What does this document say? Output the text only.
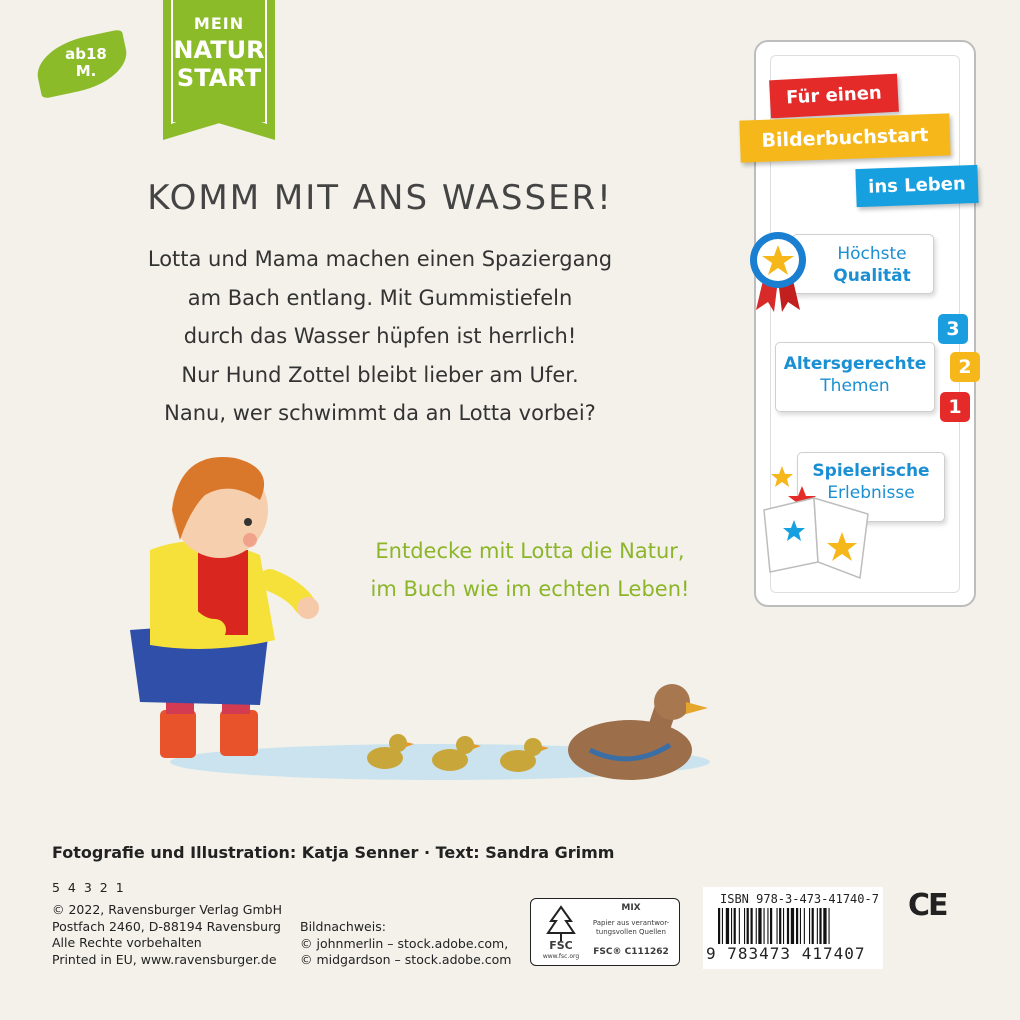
ab18
M.
MEIN
NATUR
START
KOMM MIT ANS WASSER!
Lotta und Mama machen einen Spaziergang
am Bach entlang. Mit Gummistiefeln
durch das Wasser hüpfen ist herrlich!
Nur Hund Zottel bleibt lieber am Ufer.
Nanu, wer schwimmt da an Lotta vorbei?
Entdecke mit Lotta die Natur,
im Buch wie im echten Leben!
Für einen
Bilderbuchstart
ins Leben
Höchste
Qualität
Altersgerechte
Themen
3
2
1
Spielerische
Erlebnisse
Fotografie und Illustration: Katja Senner · Text: Sandra Grimm
5 4 3 2 1
© 2022, Ravensburger Verlag GmbH
Postfach 2460, D-88194 Ravensburg
Alle Rechte vorbehalten
Printed in EU, www.ravensburger.de
Bildnachweis:
© johnmerlin – stock.adobe.com,
© midgardson – stock.adobe.com
FSC
www.fsc.org
MIX
Papier aus verantwor-
tungsvollen Quellen
FSC® C111262
ISBN 978-3-473-41740-7
9 783473 417407
CE
